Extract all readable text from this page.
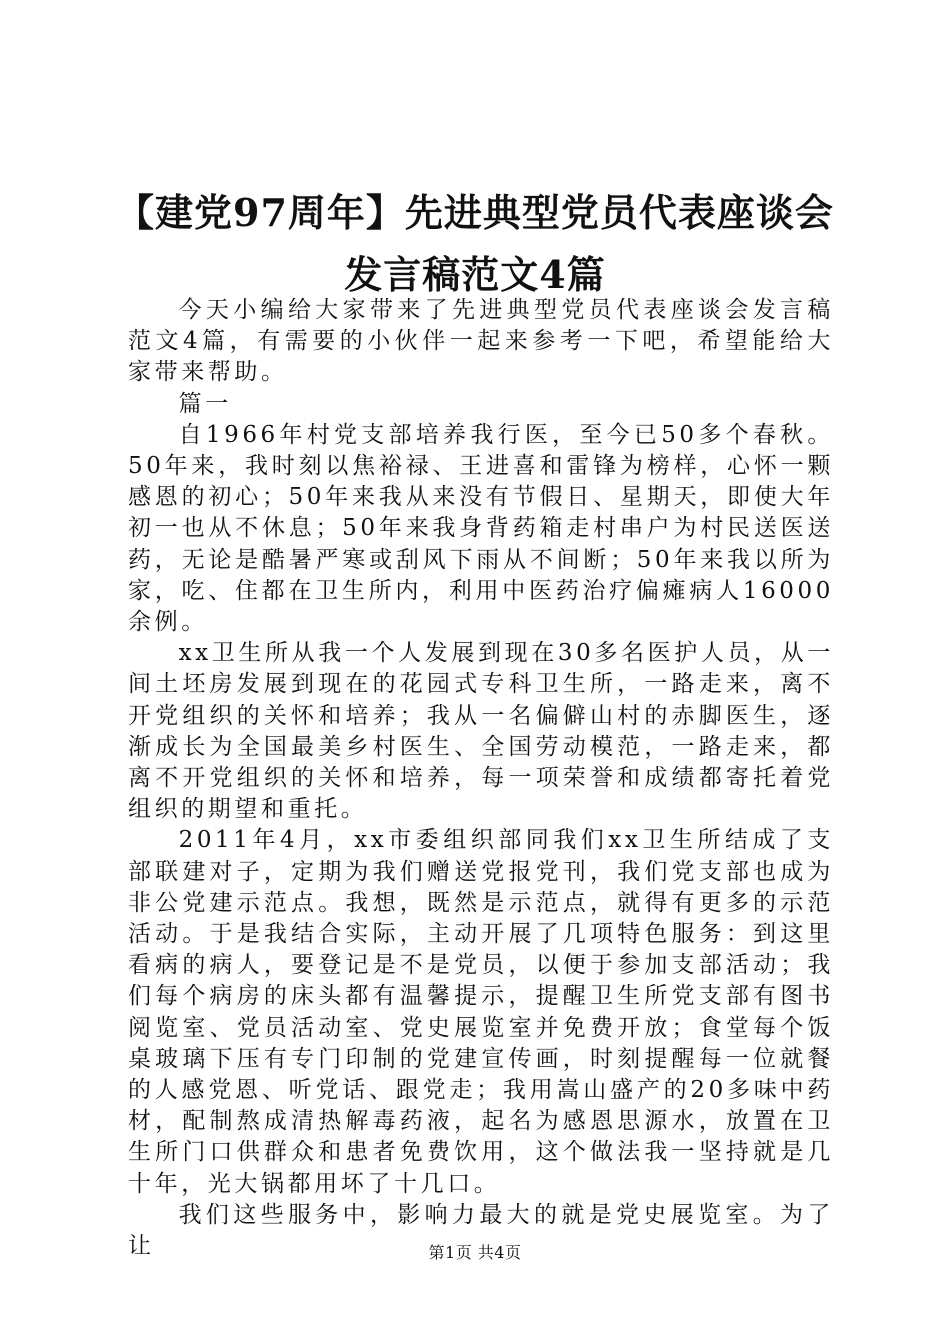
【建党97周年】先进典型党员代表座谈会发言稿范文4篇

今天小编给大家带来了先进典型党员代表座谈会发言稿范文4篇，有需要的小伙伴一起来参考一下吧，希望能给大家带来帮助。

篇一

自1966年村党支部培养我行医，至今已50多个春秋。50年来，我时刻以焦裕禄、王进喜和雷锋为榜样，心怀一颗感恩的初心；50年来我从来没有节假日、星期天，即使大年初一也从不休息；50年来我身背药箱走村串户为村民送医送药，无论是酷暑严寒或刮风下雨从不间断；50年来我以所为家，吃、住都在卫生所内，利用中医药治疗偏瘫病人16000余例。

xx卫生所从我一个人发展到现在30多名医护人员，从一间土坯房发展到现在的花园式专科卫生所，一路走来，离不开党组织的关怀和培养；我从一名偏僻山村的赤脚医生，逐渐成长为全国最美乡村医生、全国劳动模范，一路走来，都离不开党组织的关怀和培养，每一项荣誉和成绩都寄托着党组织的期望和重托。

2011年4月，xx市委组织部同我们xx卫生所结成了支部联建对子，定期为我们赠送党报党刊，我们党支部也成为非公党建示范点。我想，既然是示范点，就得有更多的示范活动。于是我结合实际，主动开展了几项特色服务：到这里看病的病人，要登记是不是党员，以便于参加支部活动；我们每个病房的床头都有温馨提示，提醒卫生所党支部有图书阅览室、党员活动室、党史展览室并免费开放；食堂每个饭桌玻璃下压有专门印制的党建宣传画，时刻提醒每一位就餐的人感党恩、听党话、跟党走；我用嵩山盛产的20多味中药材，配制熬成清热解毒药液，起名为感恩思源水，放置在卫生所门口供群众和患者免费饮用，这个做法我一坚持就是几十年，光大锅都用坏了十几口。

我们这些服务中，影响力最大的就是党史展览室。为了让	第1页 共4页
